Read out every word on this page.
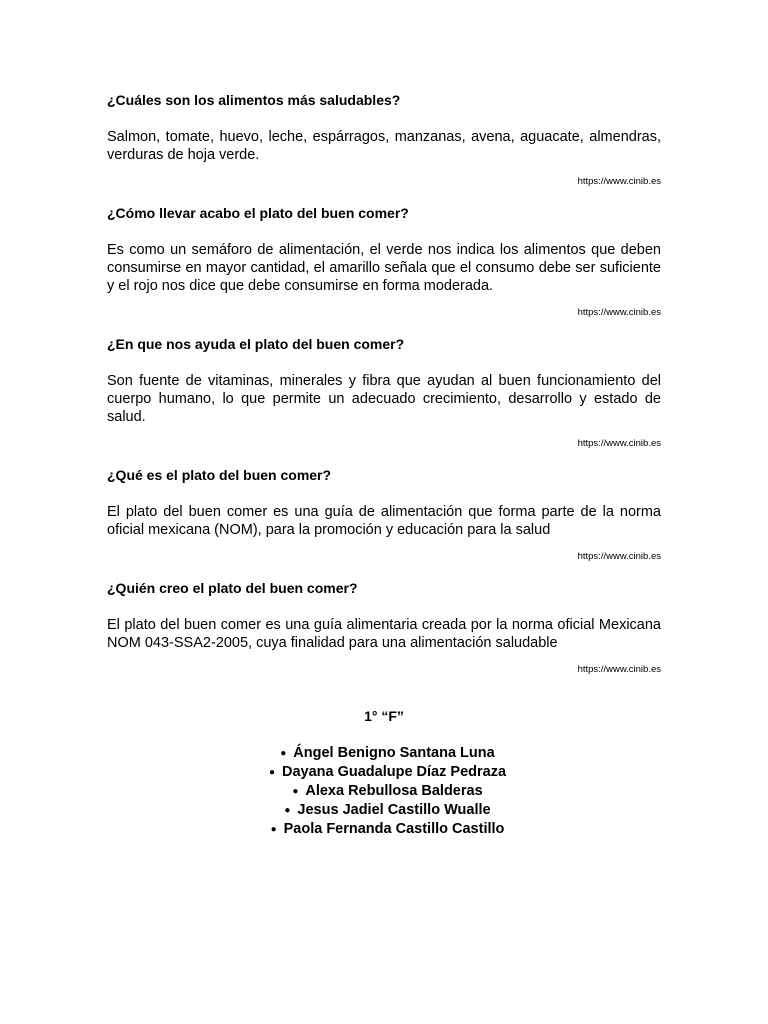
¿Cuáles son los alimentos más saludables?

Salmon, tomate, huevo, leche, espárragos, manzanas, avena, aguacate, almendras, verduras de hoja verde.

https://www.cinib.es

¿Cómo llevar acabo el plato del buen comer?

Es como un semáforo de alimentación, el verde nos indica los alimentos que deben consumirse en mayor cantidad, el amarillo señala que el consumo debe ser suficiente y el rojo nos dice que debe consumirse en forma moderada.

https://www.cinib.es

¿En que nos ayuda el plato del buen comer?

Son fuente de vitaminas, minerales y fibra que ayudan al buen funcionamiento del cuerpo humano, lo que permite un adecuado crecimiento, desarrollo y estado de salud.

https://www.cinib.es

¿Qué es el plato del buen comer?

El plato del buen comer es una guía de alimentación que forma parte de la norma oficial mexicana (NOM), para la promoción y educación para la salud

https://www.cinib.es

¿Quién creo el plato del buen comer?

El plato del buen comer es una guía alimentaria creada por la norma oficial Mexicana NOM 043-SSA2-2005, cuya finalidad para una alimentación saludable

https://www.cinib.es

1° “F”

● Ángel Benigno Santana Luna
● Dayana Guadalupe Díaz Pedraza
● Alexa Rebullosa Balderas
● Jesus Jadiel Castillo Wualle
● Paola Fernanda Castillo Castillo
